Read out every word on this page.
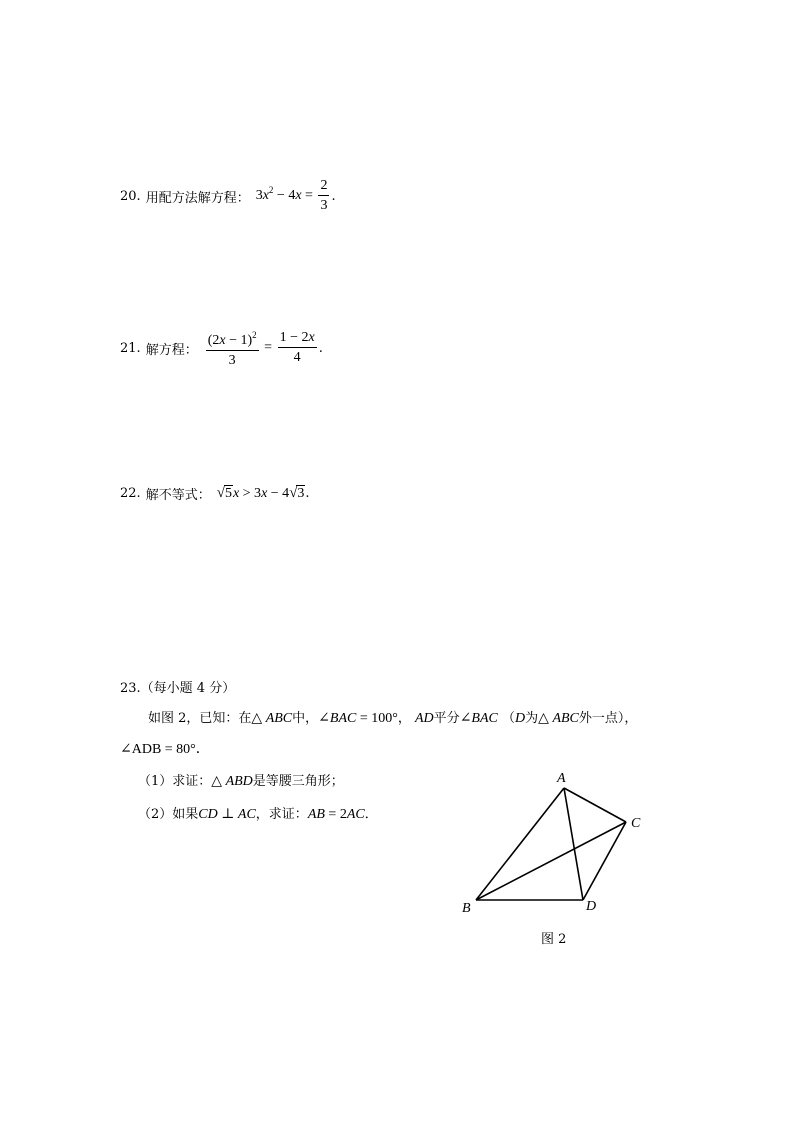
20. 用配方法解方程： $3x^2 - 4x = \frac{2}{3}$ .
21. 解方程： $\frac{(2x - 1)^2}{3} = \frac{1 - 2x}{4}$ .
22. 解不等式： √5x > 3x − 4√3 .
23.（每小题 4 分）
如图 2，已知：在△ ABC中，∠BAC = 100°， AD平分∠BAC （D为△ ABC外一点），
∠ADB = 80°．
（1）求证：△ ABD是等腰三角形；
（2）如果CD ⊥ AC，求证：AB = 2AC．
A
B
C
D
图 2
